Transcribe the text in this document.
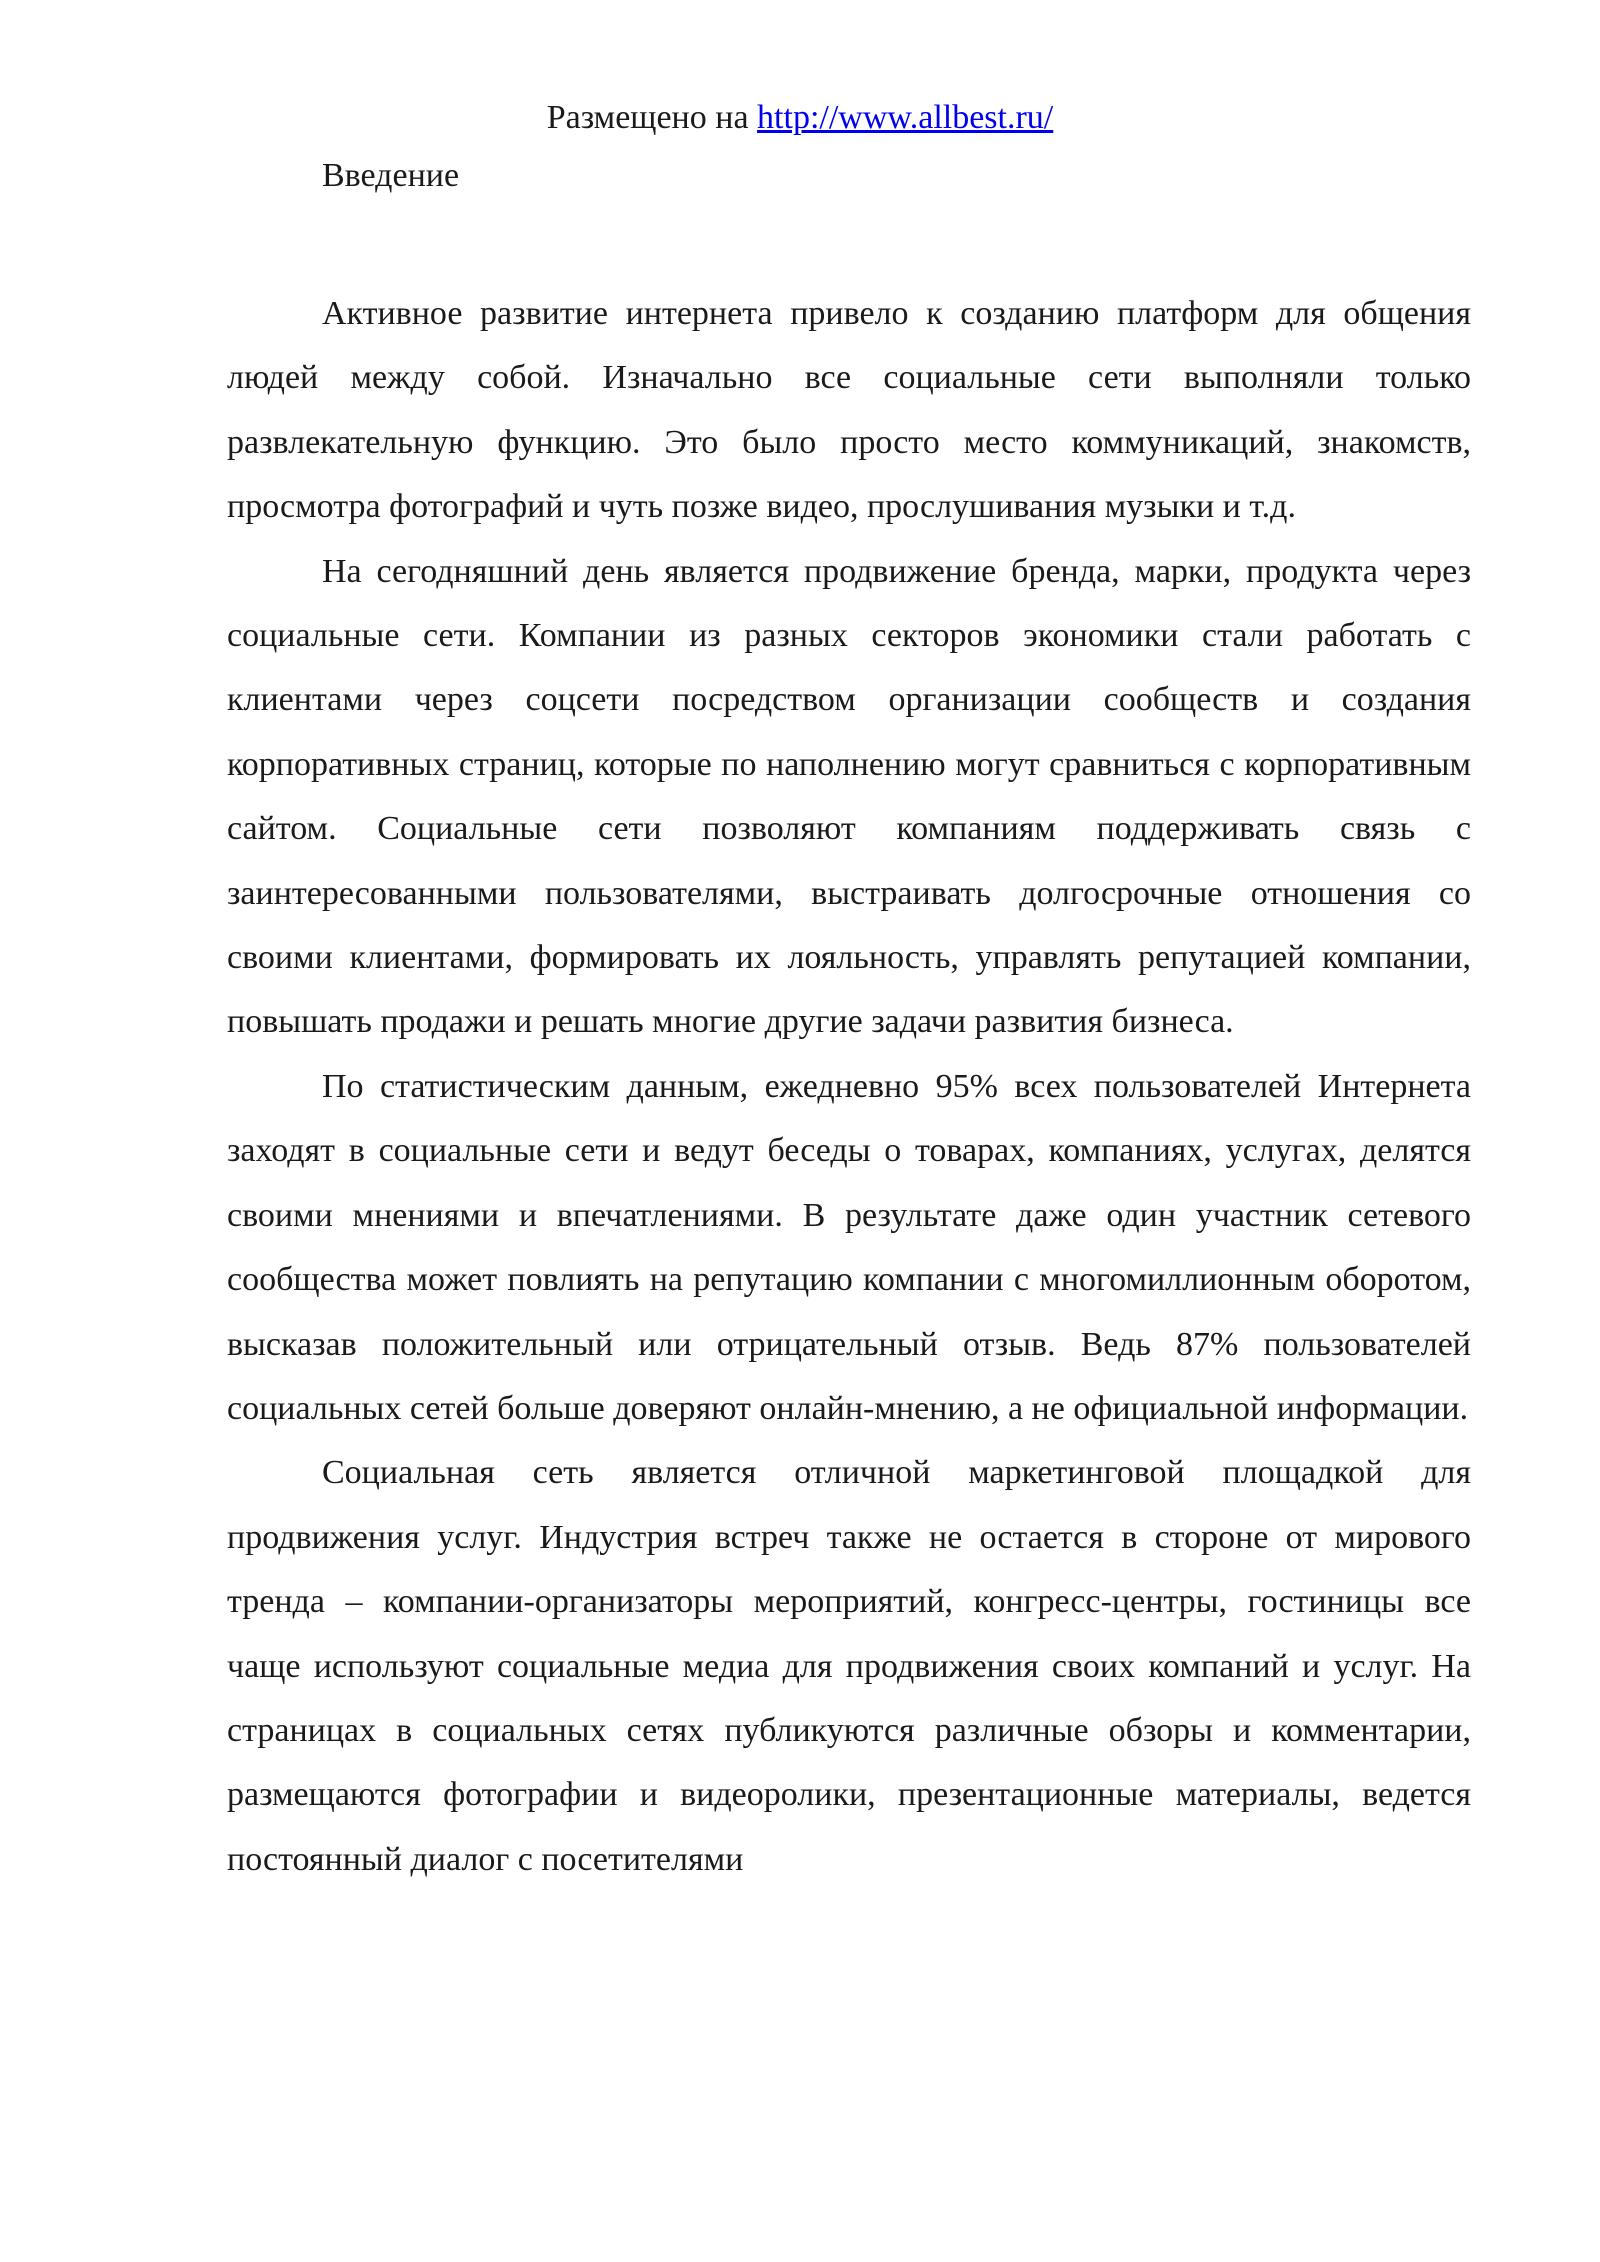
Размещено на http://www.allbest.ru/
Введение

Активное развитие интернета привело к созданию платформ для общения людей между собой. Изначально все социальные сети выполняли только развлекательную функцию. Это было просто место коммуникаций, знакомств, просмотра фотографий и чуть позже видео, прослушивания музыки и т.д.

На сегодняшний день является продвижение бренда, марки, продукта через социальные сети. Компании из разных секторов экономики стали работать с клиентами через соцсети посредством организации сообществ и создания корпоративных страниц, которые по наполнению могут сравниться с корпоративным сайтом. Социальные сети позволяют компаниям поддерживать связь с заинтересованными пользователями, выстраивать долгосрочные отношения со своими клиентами, формировать их лояльность, управлять репутацией компании, повышать продажи и решать многие другие задачи развития бизнеса.

По статистическим данным, ежедневно 95% всех пользователей Интернета заходят в социальные сети и ведут беседы о товарах, компаниях, услугах, делятся своими мнениями и впечатлениями. В результате даже один участник сетевого сообщества может повлиять на репутацию компании с многомиллионным оборотом, высказав положительный или отрицательный отзыв. Ведь 87% пользователей социальных сетей больше доверяют онлайн-мнению, а не официальной информации.

Социальная сеть является отличной маркетинговой площадкой для продвижения услуг. Индустрия встреч также не остается в стороне от мирового тренда – компании-организаторы мероприятий, конгресс-центры, гостиницы все чаще используют социальные медиа для продвижения своих компаний и услуг. На страницах в социальных сетях публикуются различные обзоры и комментарии, размещаются фотографии и видеоролики, презентационные материалы, ведется постоянный диалог с посетителями
